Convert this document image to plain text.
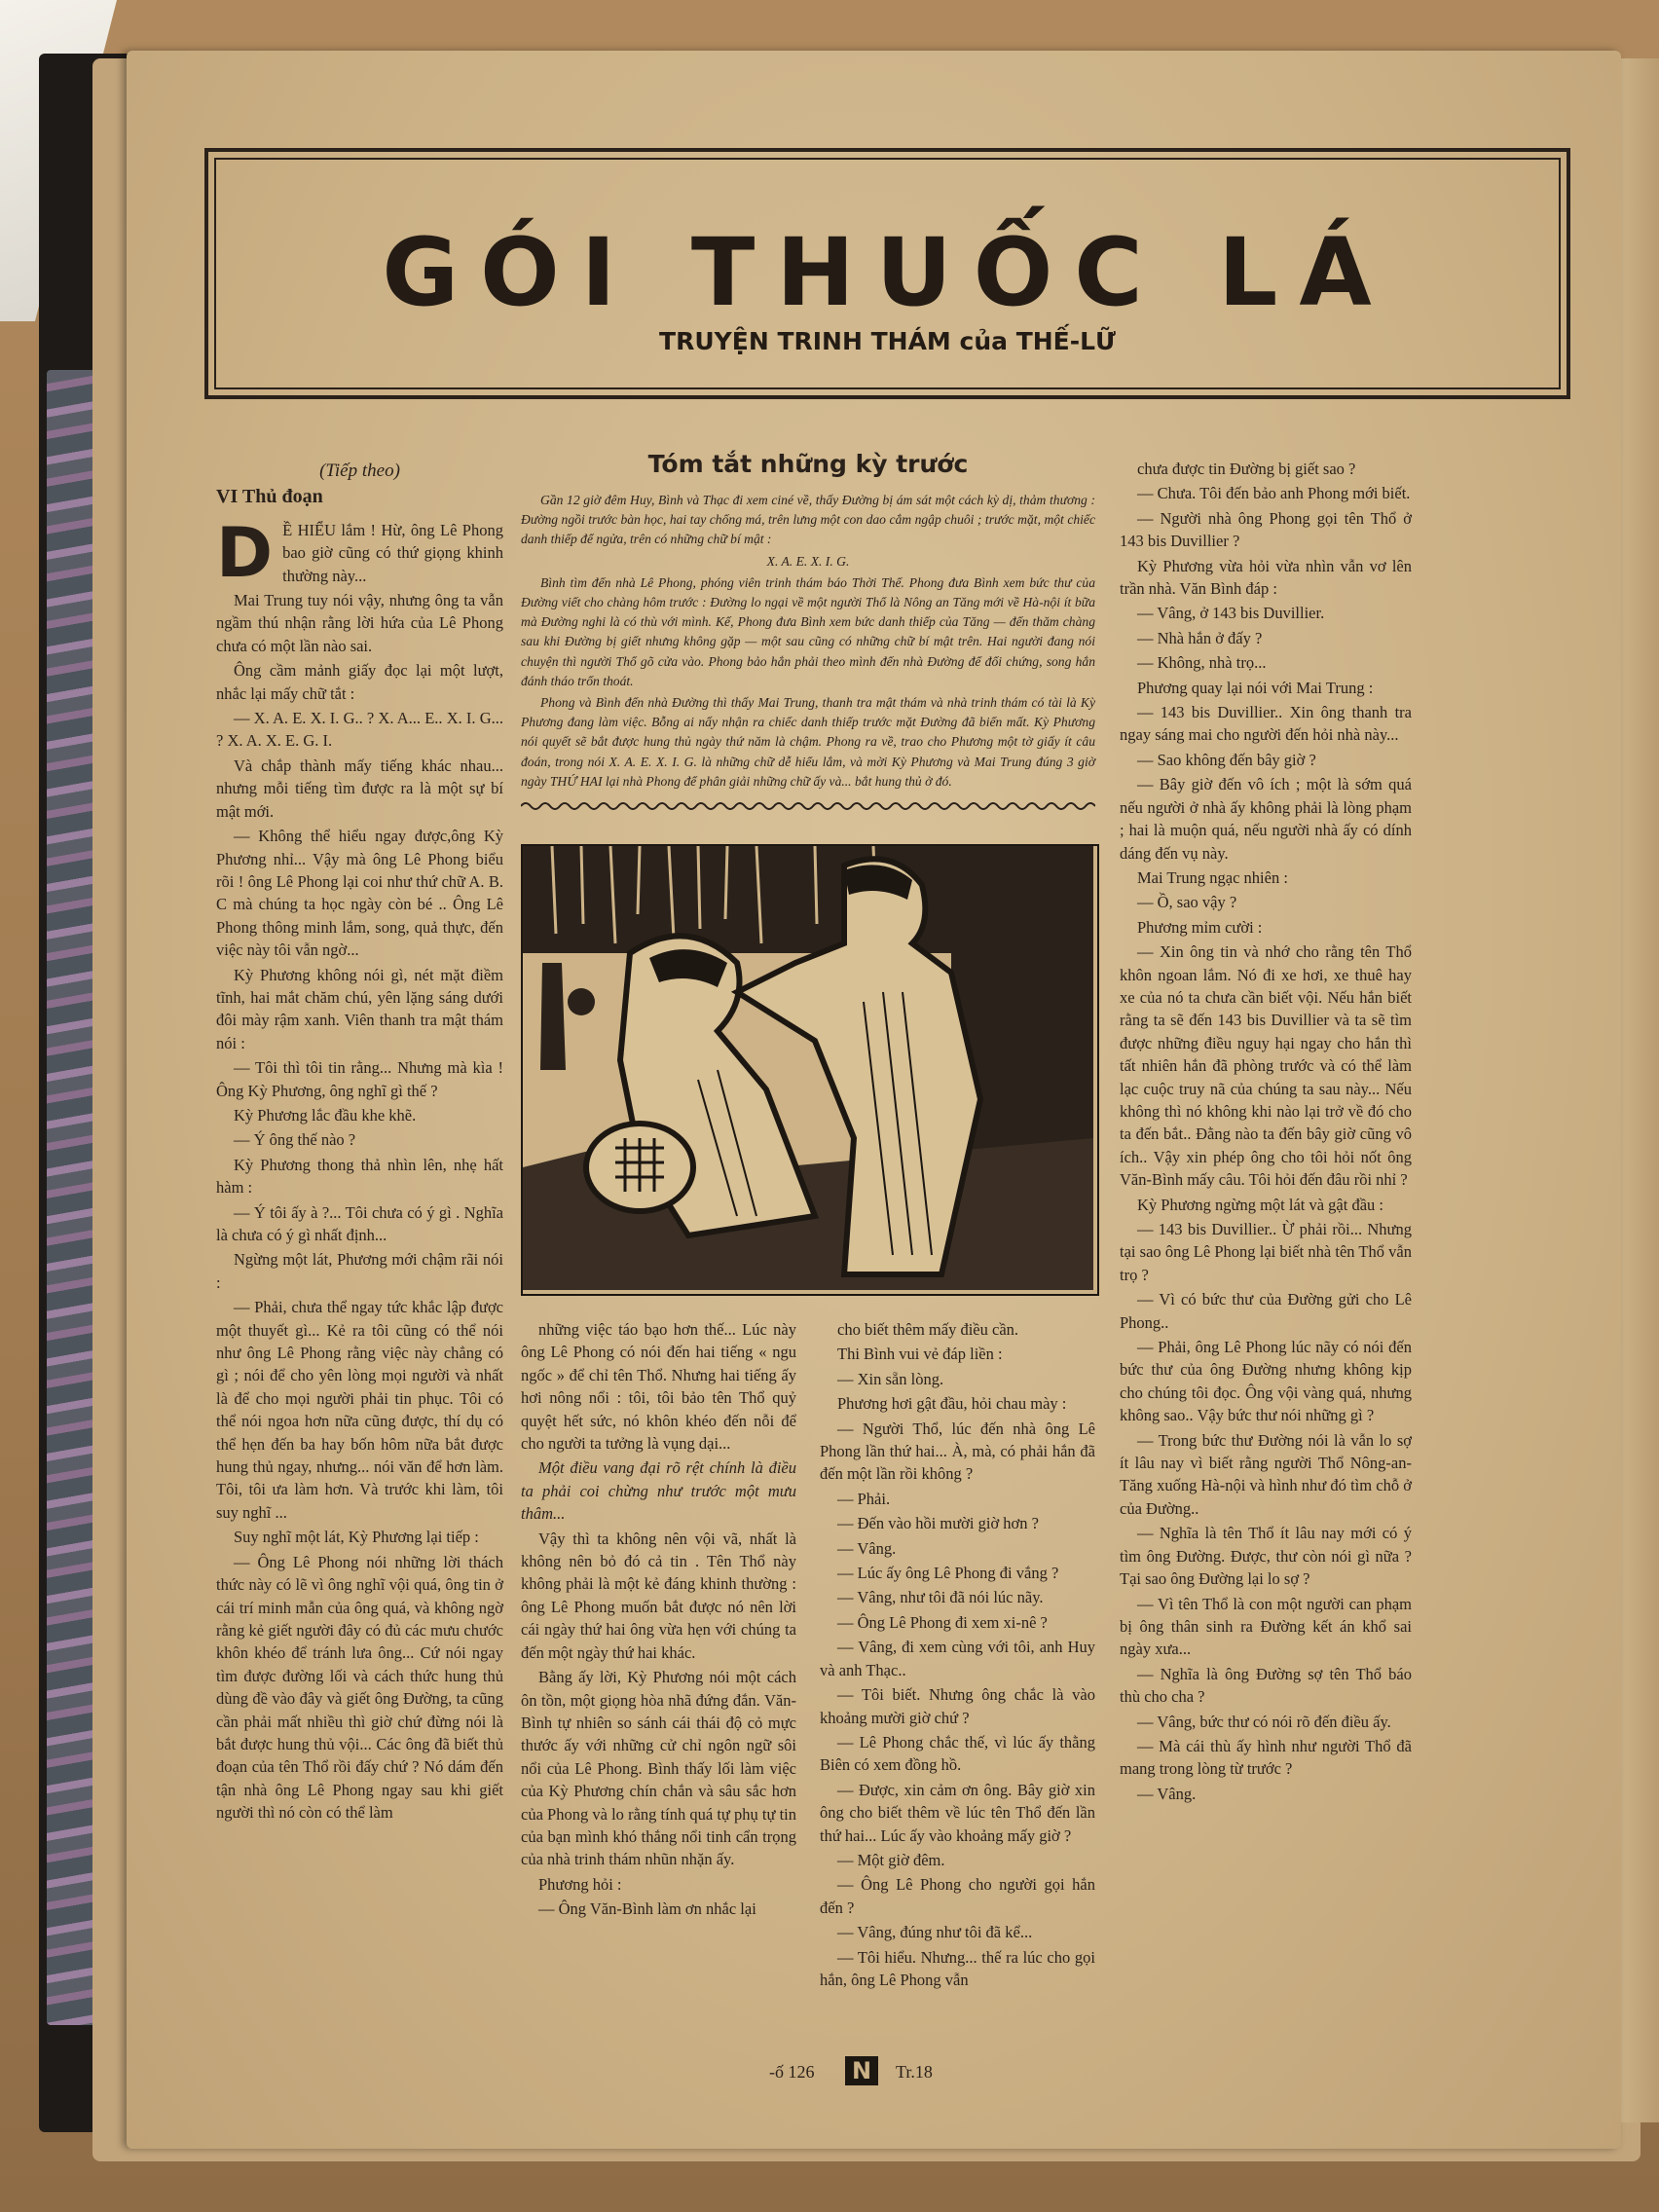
GÓI THUỐC LÁ
TRUYỆN TRINH THÁM của THẾ-LỮ
(Tiếp theo)
VI Thủ đoạn

D Ề HIỂU lắm ! Hừ, ông Lê Phong bao giờ cũng có thứ giọng khinh thường này...

Mai Trung tuy nói vậy, nhưng ông ta vẫn ngầm thú nhận rằng lời hứa của Lê Phong chưa có một lần nào sai.

Ông cầm mảnh giấy đọc lại một lượt, nhắc lại mấy chữ tắt :

— X. A. E. X. I. G.. ? X. A... E.. X. I. G... ? X. A. X. E. G. I.

Và chắp thành mấy tiếng khác nhau... nhưng mỗi tiếng tìm được ra là một sự bí mật mới.

— Không thể hiểu ngay được,ông Kỳ Phương nhỉ... Vậy mà ông Lê Phong biểu rõi ! ông Lê Phong lại coi như thứ chữ A. B. C mà chúng ta học ngày còn bé .. Ông Lê Phong thông minh lắm, song, quả thực, đến việc này tôi vẫn ngờ...

Kỳ Phương không nói gì, nét mặt điềm tĩnh, hai mắt chăm chú, yên lặng sáng dưới đôi mày rậm xanh. Viên thanh tra mật thám nói :

— Tôi thì tôi tin rằng... Nhưng mà kìa ! Ông Kỳ Phương, ông nghĩ gì thế ?

Kỳ Phương lắc đầu khe khẽ.

— Ý ông thế nào ?

Kỳ Phương thong thả nhìn lên, nhẹ hất hàm :

— Ý tôi ấy à ?... Tôi chưa có ý gì . Nghĩa là chưa có ý gì nhất định...

Ngừng một lát, Phương mới chậm rãi nói :

— Phải, chưa thể ngay tức khắc lập được một thuyết gì... Kẻ ra tôi cũng có thể nói như ông Lê Phong rằng việc này chẳng có gì ; nói để cho yên lòng mọi người và nhất là để cho mọi người phải tin phục. Tôi có thể nói ngoa hơn nữa cũng được, thí dụ có thể hẹn đến ba hay bốn hôm nữa bắt được hung thủ ngay, nhưng... nói văn để hơn làm. Tôi, tôi ưa làm hơn. Và trước khi làm, tôi suy nghĩ ...

Suy nghĩ một lát, Kỳ Phương lại tiếp :

— Ông Lê Phong nói những lời thách thức này có lẽ vì ông nghĩ vội quá, ông tin ở cái trí minh mẫn của ông quá, và không ngờ rằng kẻ giết người đây có đủ các mưu chước khôn khéo để tránh lưa ông... Cứ nói ngay tìm được đường lối và cách thức hung thủ dùng đề vào đây và giết ông Đường, ta cũng cần phải mất nhiều thì giờ chứ đừng nói là bắt được hung thủ vội... Các ông đã biết thủ đoạn của tên Thổ rồi đấy chứ ? Nó dám đến tận nhà ông Lê Phong ngay sau khi giết người thì nó còn có thể làm

Tóm tắt những kỳ trước

Gần 12 giờ đêm Huy, Bình và Thạc đi xem ciné về, thấy Đường bị ám sát một cách kỳ dị, thảm thương : Đường ngồi trước bàn học, hai tay chống má, trên lưng một con dao cắm ngập chuôi ; trước mặt, một chiếc danh thiếp để ngửa, trên có những chữ bí mật :

X. A. E. X. I. G.

Bình tìm đến nhà Lê Phong, phóng viên trinh thám báo Thời Thế. Phong đưa Bình xem bức thư của Đường viết cho chàng hôm trước : Đường lo ngại về một người Thổ là Nông an Tăng mới về Hà-nội ít bữa mà Đường nghi là có thù với mình. Kế, Phong đưa Bình xem bức danh thiếp của Tăng — đến thăm chàng sau khi Đường bị giết nhưng không gặp — một sau cũng có những chữ bí mật trên. Hai người đang nói chuyện thì người Thổ gõ cửa vào. Phong bảo hắn phải theo mình đến nhà Đường để đối chứng, song hắn đánh tháo trốn thoát.

Phong và Bình đến nhà Đường thì thấy Mai Trung, thanh tra mật thám và nhà trinh thám có tài là Kỳ Phương đang làm việc. Bỗng ai nấy nhận ra chiếc danh thiếp trước mặt Đường đã biến mất. Kỳ Phương nói quyết sẽ bắt được hung thủ ngày thứ năm là chậm. Phong ra về, trao cho Phương một tờ giấy ít câu đoán, trong nói X. A. E. X. I. G. là những chữ dễ hiểu lắm, và mời Kỳ Phương và Mai Trung đúng 3 giờ ngày THỨ HAI lại nhà Phong để phân giải những chữ ấy và... bắt hung thủ ở đó.

những việc táo bạo hơn thế... Lúc này ông Lê Phong có nói đến hai tiếng « ngu ngốc » để chỉ tên Thổ. Nhưng hai tiếng ấy hơi nông nổi : tôi, tôi bảo tên Thổ quỷ quyệt hết sức, nó khôn khéo đến nỗi để cho người ta tưởng là vụng dại...

Một điều vang đại rõ rệt chính là điều ta phải coi chừng như trước một mưu thâm...

Vậy thì ta không nên vội vã, nhất là không nên bỏ đó cả tin . Tên Thổ này không phải là một kẻ đáng khinh thường : ông Lê Phong muốn bắt được nó nên lời cái ngày thứ hai ông vừa hẹn với chúng ta đến một ngày thứ hai khác.

Bằng ấy lời, Kỳ Phương nói một cách ôn tồn, một giọng hòa nhã đứng đắn. Văn-Bình tự nhiên so sánh cái thái độ cỏ mực thước ấy với những cử chỉ ngôn ngữ sôi nổi của Lê Phong. Bình thấy lối làm việc của Kỳ Phương chín chắn và sâu sắc hơn của Phong và lo rằng tính quá tự phụ tự tin của bạn mình khó thắng nổi tinh cẩn trọng của nhà trinh thám nhũn nhặn ấy.

Phương hỏi :

— Ông Văn-Bình làm ơn nhắc lại

cho biết thêm mấy điều cần.

Thi Bình vui vẻ đáp liền :

— Xin sẵn lòng.

Phương hơi gật đầu, hỏi chau mày :

— Người Thổ, lúc đến nhà ông Lê Phong lần thứ hai... À, mà, có phải hắn đã đến một lần rồi không ?

— Phải.

— Đến vào hồi mười giờ hơn ?

— Vâng.

— Lúc ấy ông Lê Phong đi vắng ?

— Vâng, như tôi đã nói lúc nãy.

— Ông Lê Phong đi xem xi-nê ?

— Vâng, đi xem cùng với tôi, anh Huy và anh Thạc..

— Tôi biết. Nhưng ông chắc là vào khoảng mười giờ chứ ?

— Lê Phong chắc thế, vì lúc ấy thằng Biên có xem đồng hồ.

— Được, xin cảm ơn ông. Bây giờ xin ông cho biết thêm về lúc tên Thổ đến lần thứ hai... Lúc ấy vào khoảng mấy giờ ?

— Một giờ đêm.

— Ông Lê Phong cho người gọi hắn đến ?

— Vâng, đúng như tôi đã kể...

— Tôi hiểu. Nhưng... thế ra lúc cho gọi hắn, ông Lê Phong vẫn

chưa được tin Đường bị giết sao ?

— Chưa. Tôi đến bảo anh Phong mới biết.

— Người nhà ông Phong gọi tên Thổ ở 143 bis Duvillier ?

Kỳ Phương vừa hỏi vừa nhìn vẫn vơ lên trần nhà. Văn Bình đáp :

— Vâng, ở 143 bis Duvillier.

— Nhà hắn ở đấy ?

— Không, nhà trọ...

Phương quay lại nói với Mai Trung :

— 143 bis Duvillier.. Xin ông thanh tra ngay sáng mai cho người đến hỏi nhà này...

— Sao không đến bây giờ ?

— Bây giờ đến vô ích ; một là sớm quá nếu người ở nhà ấy không phải là lòng phạm ; hai là muộn quá, nếu người nhà ấy có dính dáng đến vụ này.

Mai Trung ngạc nhiên :

— Ồ, sao vậy ?

Phương mỉm cười :

— Xin ông tin và nhớ cho rằng tên Thổ khôn ngoan lắm. Nó đi xe hơi, xe thuê hay xe của nó ta chưa cần biết vội. Nếu hắn biết rằng ta sẽ đến 143 bis Duvillier và ta sẽ tìm được những điều nguy hại ngay cho hắn thì tất nhiên hắn đã phòng trước và có thể làm lạc cuộc truy nã của chúng ta sau này... Nếu không thì nó không khi nào lại trở về đó cho ta đến bắt.. Đằng nào ta đến bây giờ cũng vô ích.. Vậy xin phép ông cho tôi hỏi nốt ông Văn-Bình mấy câu. Tôi hỏi đến đâu rồi nhỉ ?

Kỳ Phương ngừng một lát và gật đầu :

— 143 bis Duvillier.. Ừ phải rồi... Nhưng tại sao ông Lê Phong lại biết nhà tên Thổ vẫn trọ ?

— Vì có bức thư của Đường gửi cho Lê Phong..

— Phải, ông Lê Phong lúc nãy có nói đến bức thư của ông Đường nhưng không kịp cho chúng tôi đọc. Ông vội vàng quá, nhưng không sao.. Vậy bức thư nói những gì ?

— Trong bức thư Đường nói là vẫn lo sợ ít lâu nay vì biết rằng người Thổ Nông-an-Tăng xuống Hà-nội và hình như đó tìm chỗ ở của Đường..

— Nghĩa là tên Thổ ít lâu nay mới có ý tìm ông Đường. Được, thư còn nói gì nữa ? Tại sao ông Đường lại lo sợ ?

— Vì tên Thổ là con một người can phạm bị ông thân sinh ra Đường kết án khổ sai ngày xưa...

— Nghĩa là ông Đường sợ tên Thổ báo thù cho cha ?

— Vâng, bức thư có nói rõ đến điều ấy.

— Mà cái thù ấy hình như người Thổ đã mang trong lòng từ trước ?

— Vâng.

-ố 126 N	Tr.18
